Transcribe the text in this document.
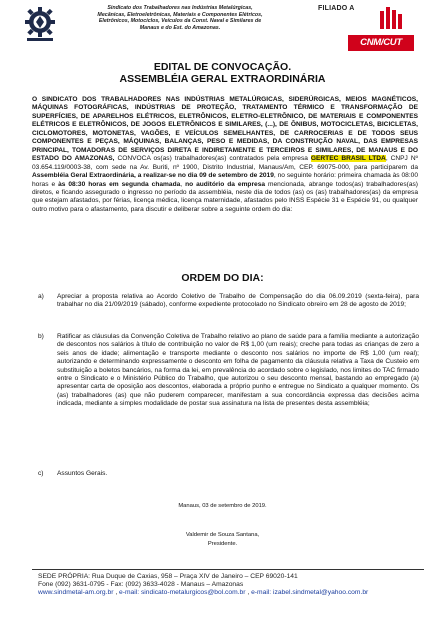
Sindicato dos Trabalhadores nas Indústrias Metalúrgicas,
Mecânicas, Eletroeletrônicas, Materiais e Componentes Elétricos,
Eletrônicos, Motociclos, Veículos da Const. Naval e Similares de
Manaus e do Est. do Amazonas.
FILIADO A
CNM/CUT
EDITAL DE CONVOCAÇÃO.
ASSEMBLÉIA GERAL EXTRAORDINÁRIA
O SINDICATO DOS TRABALHADORES NAS INDÚSTRIAS METALÚRGICAS, SIDERÚRGICAS, MEIOS MAGNÉTICOS, MÁQUINAS FOTOGRÁFICAS, INDÚSTRIAS DE PROTEÇÃO, TRATAMENTO TÉRMICO E TRANSFORMAÇÃO DE SUPERFÍCIES, DE APARELHOS ELÉTRICOS, ELETRÔNICOS, ELETRO-ELETRÔNICO, DE MATERIAIS E COMPONENTES ELÉTRICOS E ELETRÔNICOS, DE JOGOS ELETRÔNICOS E SIMILARES, (...), DE ÔNIBUS, MOTOCICLETAS, BICICLETAS, CICLOMOTORES, MOTONETAS, VAGÕES, E VEÍCULOS SEMELHANTES, DE CARROCERIAS E DE TODOS SEUS COMPONENTES E PEÇAS, MÁQUINAS, BALANÇAS, PESO E MEDIDAS, DA CONSTRUÇÃO NAVAL, DAS EMPRESAS PRINCIPAL, TOMADORAS DE SERVIÇOS DIRETA E INDIRETAMENTE E TERCEIROS E SIMILARES, DE MANAUS E DO ESTADO DO AMAZONAS, CONVOCA os(as) trabalhadores(as) contratados pela empresa GERTEC BRASIL LTDA, CNPJ Nº 03.654.119/0003-38, com sede na Av. Buriti, nº 1900, Distrito Industrial, Manaus/Am, CEP. 69075-000, para participarem da Assembléia Geral Extraordinária, a realizar-se no dia 09 de setembro de 2019, no seguinte horário: primeira chamada às 08:00 horas e às 08:30 horas em segunda chamada, no auditório da empresa mencionada, abrange todos(as) trabalhadores(as) diretos, e ficando assegurado o ingresso no período da assembléia, neste dia de todos (as) os (as) trabalhadores(as) da empresa que estejam afastados, por férias, licença médica, licença maternidade, afastados pelo INSS Espécie 31 e Espécie 91, ou qualquer outro motivo para o afastamento, para discutir e deliberar sobre a seguinte ordem do dia:
ORDEM DO DIA:
a) Apreciar a proposta relativa ao Acordo Coletivo de Trabalho de Compensação do dia 06.09.2019 (sexta-feira), para trabalhar no dia 21/09/2019 (sábado), conforme expediente protocolado no Sindicato obreiro em 28 de agosto de 2019;
b) Ratificar as cláusulas da Convenção Coletiva de Trabalho relativo ao plano de saúde para a família mediante a autorização de descontos nos salários à título de contribuição no valor de R$ 1,00 (um reais); creche para todas as crianças de zero a seis anos de idade; alimentação e transporte mediante o desconto nos salários no importe de R$ 1,00 (um real); autorizando e determinando expressamente o desconto em folha de pagamento da cláusula relativa a Taxa de Custeio em substituição a boletos bancários, na forma da lei, em prevalência do acordado sobre o legislado, nos limites do TAC firmado entre o Sindicato e o Ministério Público do Trabalho, que autorizou o seu desconto mensal, bastando ao empregado (a) apresentar carta de oposição aos descontos, elaborada a próprio punho e entregue no Sindicato a qualquer momento. Os (as) trabalhadores (as) que não puderem comparecer, manifestam a sua concordância expressa das decisões acima indicada, mediante a simples modalidade de postar sua assinatura na lista de presentes desta assembléia;
c) Assuntos Gerais.
Manaus, 03 de setembro de 2019.
Valdemir de Souza Santana,
Presidente.
SEDE PRÓPRIA: Rua Duque de Caxias, 958 – Praça XIV de Janeiro – CEP 69020-141
Fone (092) 3631-0795 - Fax: (092) 3633-4028 - Manaus – Amazonas
www.sindmetal-am.org.br , e-mail: sindicato-metalurgicos@bol.com.br , e-mail: izabel.sindmetal@yahoo.com.br
